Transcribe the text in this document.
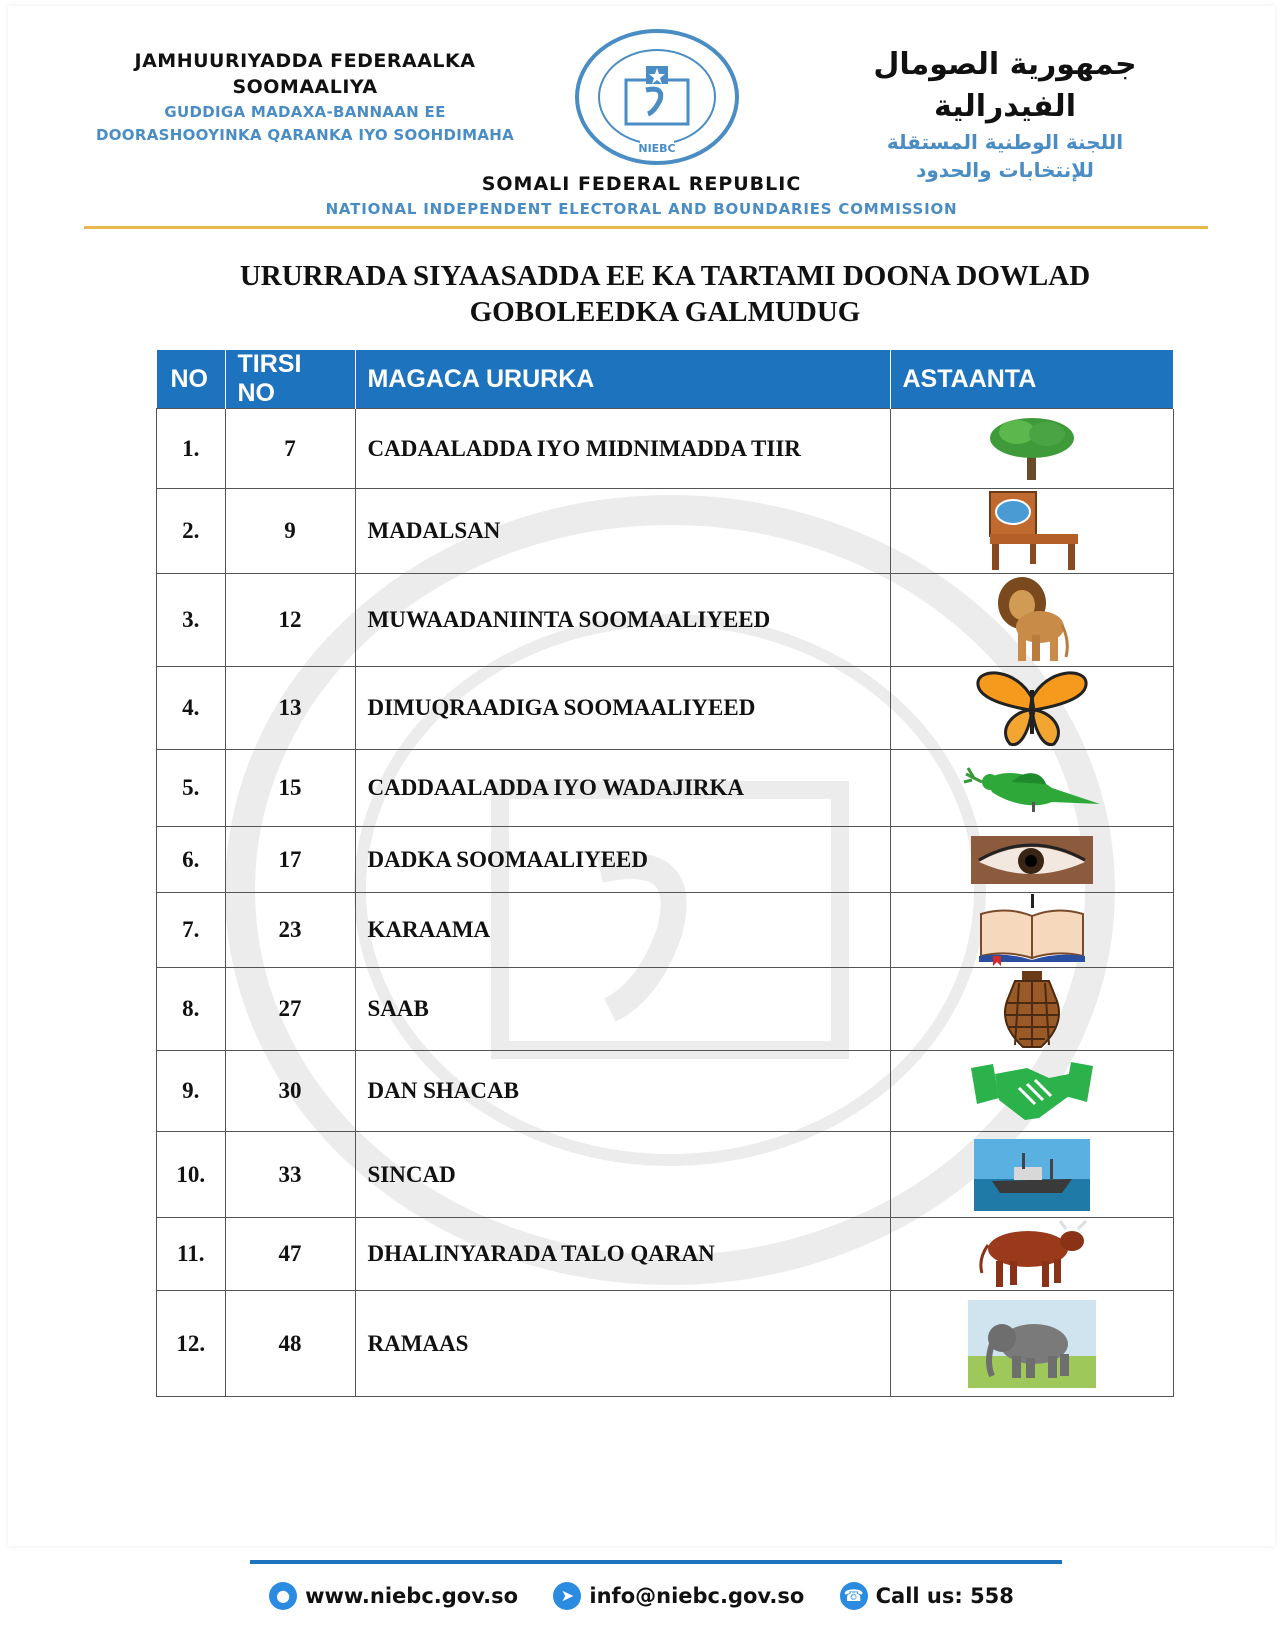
JAMHUURIYADDA FEDERAALKA
SOOMAALIYA
GUDDIGA MADAXA-BANNAAN EE
DOORASHOOYINKA QARANKA IYO SOOHDIMAHA
NIEBC
جمهورية الصومال الفيدرالية
اللجنة الوطنية المستقلة
للإنتخابات والحدود
SOMALI FEDERAL REPUBLIC
NATIONAL INDEPENDENT ELECTORAL AND BOUNDARIES COMMISSION
URURRADA SIYAASADDA EE KA TARTAMI DOONA DOWLAD
GOBOLEEDKA GALMUDUG
NO	TIRSI NO	MAGACA URURKA	ASTAANTA
1.	7	CADAALADDA IYO MIDNIMADDA TIIR	

2.	9	MADALSAN	

3.	12	MUWAADANIINTA SOOMAALIYEED	

4.	13	DIMUQRAADIGA SOOMAALIYEED	

5.	15	CADDAALADDA IYO WADAJIRKA	

6.	17	DADKA SOOMAALIYEED	

7.	23	KARAAMA	

8.	27	SAAB	

9.	30	DAN SHACAB	

10.	33	SINCAD	

11.	47	DHALINYARADA TALO QARAN	

12.	48	RAMAAS	
● www.niebc.gov.so
	➤ info@niebc.gov.so
☎ Call us: 558
